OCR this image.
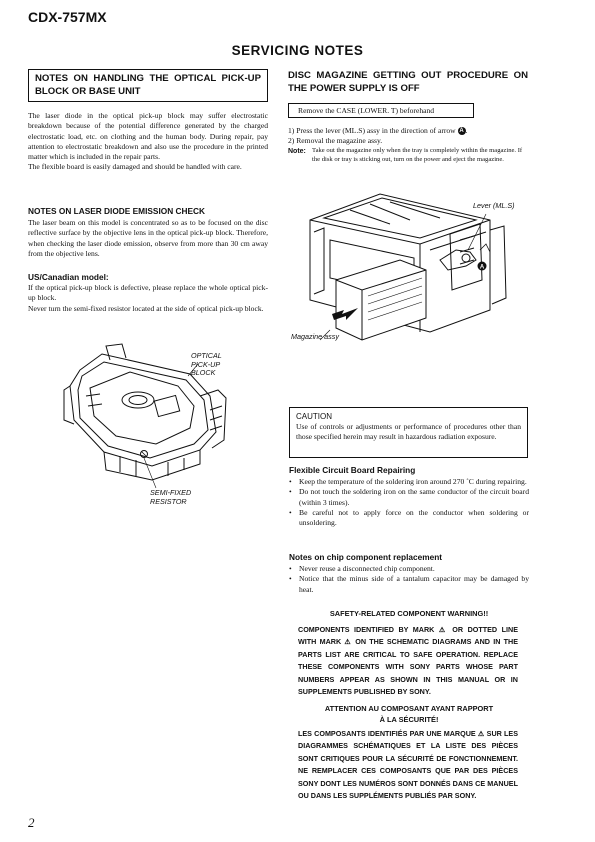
CDX-757MX
SERVICING NOTES
NOTES ON HANDLING THE OPTICAL PICK-UP BLOCK OR BASE UNIT
The laser diode in the optical pick-up block may suffer electrostatic breakdown because of the potential difference generated by the charged electrostatic load, etc. on clothing and the human body. During repair, pay attention to electrostatic breakdown and also use the procedure in the printed matter which is included in the repair parts.
The flexible board is easily damaged and should be handled with care.
NOTES ON LASER DIODE EMISSION CHECK
The laser beam on this model is concentrated so as to be focused on the disc reflective surface by the objective lens in the optical pick-up block. Therefore, when checking the laser diode emission, observe from more than 30 cm away from the objective lens.
US/Canadian model:
If the optical pick-up block is defective, please replace the whole optical pick-up block.
Never turn the semi-fixed resistor located at the side of optical pick-up block.
OPTICAL PICK-UP BLOCK
SEMI-FIXED RESISTOR
DISC MAGAZINE GETTING OUT PROCEDURE ON THE POWER SUPPLY IS OFF
Remove the CASE (LOWER. T) beforehand
1) Press the lever (ML.S) assy in the direction of arrow A .
2) Removal the magazine assy.
Note: Take out the magazine only when the tray is completely within the magazine. If the disk or tray is sticking out, turn on the power and eject the magazine.
A
Lever (ML.S)
Magazine assy
CAUTION
Use of controls or adjustments or performance of procedures other than those specified herein may result in hazardous radiation exposure.
Flexible Circuit Board Repairing
• Keep the temperature of the soldering iron around 270 ˚C during repairing.
• Do not touch the soldering iron on the same conductor of the circuit board (within 3 times).
• Be careful not to apply force on the conductor when soldering or unsoldering.
Notes on chip component replacement
• Never reuse a disconnected chip component.
• Notice that the minus side of a tantalum capacitor may be damaged by heat.
SAFETY-RELATED COMPONENT WARNING!!
COMPONENTS IDENTIFIED BY MARK ⚠ OR DOTTED LINE WITH MARK ⚠ ON THE SCHEMATIC DIAGRAMS AND IN THE PARTS LIST ARE CRITICAL TO SAFE OPERATION. REPLACE THESE COMPONENTS WITH SONY PARTS WHOSE PART NUMBERS APPEAR AS SHOWN IN THIS MANUAL OR IN SUPPLEMENTS PUBLISHED BY SONY.
ATTENTION AU COMPOSANT AYANT RAPPORT
À LA SÉCURITÉ!
LES COMPOSANTS IDENTIFIÉS PAR UNE MARQUE ⚠ SUR LES DIAGRAMMES SCHÉMATIQUES ET LA LISTE DES PIÈCES SONT CRITIQUES POUR LA SÉCURITÉ DE FONCTIONNEMENT. NE REMPLACER CES COMPOSANTS QUE PAR DES PIÈCES SONY DONT LES NUMÉROS SONT DONNÉS DANS CE MANUEL OU DANS LES SUPPLÉMENTS PUBLIÉS PAR SONY.
2
